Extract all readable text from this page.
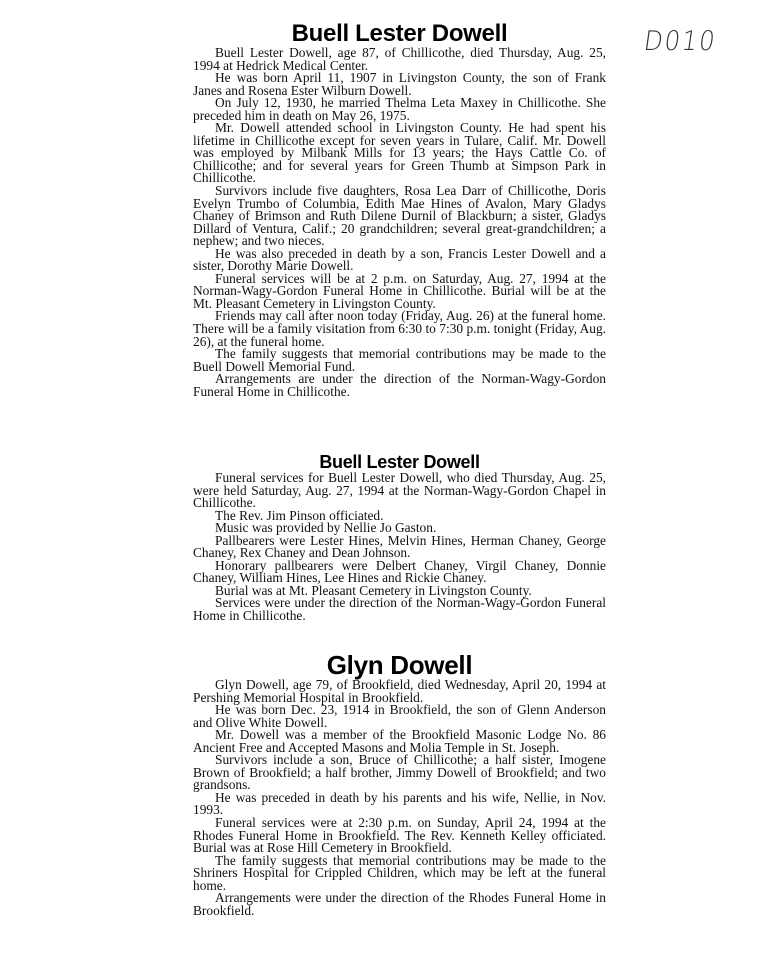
D010
Buell Lester Dowell

Buell Lester Dowell, age 87, of Chillicothe, died Thursday, Aug. 25, 1994 at Hedrick Medical Center.

He was born April 11, 1907 in Livingston County, the son of Frank Janes and Rosena Ester Wilburn Dowell.

On July 12, 1930, he married Thelma Leta Maxey in Chillicothe. She preceded him in death on May 26, 1975.

Mr. Dowell attended school in Livingston County. He had spent his lifetime in Chillicothe except for seven years in Tulare, Calif. Mr. Dowell was employed by Milbank Mills for 13 years; the Hays Cattle Co. of Chillicothe; and for several years for Green Thumb at Simpson Park in Chillicothe.

Survivors include five daughters, Rosa Lea Darr of Chillicothe, Doris Evelyn Trumbo of Columbia, Edith Mae Hines of Avalon, Mary Gladys Chaney of Brimson and Ruth Dilene Durnil of Blackburn; a sister, Gladys Dillard of Ventura, Calif.; 20 grandchildren; several great-grandchildren; a nephew; and two nieces.

He was also preceded in death by a son, Francis Lester Dowell and a sister, Dorothy Marie Dowell.

Funeral services will be at 2 p.m. on Saturday, Aug. 27, 1994 at the Norman-Wagy-Gordon Funeral Home in Chillicothe. Burial will be at the Mt. Pleasant Cemetery in Livingston County.

Friends may call after noon today (Friday, Aug. 26) at the funeral home. There will be a family visitation from 6:30 to 7:30 p.m. tonight (Friday, Aug. 26), at the funeral home.

The family suggests that memorial contributions may be made to the Buell Dowell Memorial Fund.

Arrangements are under the direction of the Norman-Wagy-Gordon Funeral Home in Chillicothe.

Buell Lester Dowell

Funeral services for Buell Lester Dowell, who died Thursday, Aug. 25, were held Saturday, Aug. 27, 1994 at the Norman-Wagy-Gordon Chapel in Chillicothe.

The Rev. Jim Pinson officiated.

Music was provided by Nellie Jo Gaston.

Pallbearers were Lester Hines, Melvin Hines, Herman Chaney, George Chaney, Rex Chaney and Dean Johnson.

Honorary pallbearers were Delbert Chaney, Virgil Chaney, Donnie Chaney, William Hines, Lee Hines and Rickie Chaney.

Burial was at Mt. Pleasant Cemetery in Livingston County.

Services were under the direction of the Norman-Wagy-Gordon Funeral Home in Chillicothe.

Glyn Dowell

Glyn Dowell, age 79, of Brookfield, died Wednesday, April 20, 1994 at Pershing Memorial Hospital in Brookfield.

He was born Dec. 23, 1914 in Brookfield, the son of Glenn Anderson and Olive White Dowell.

Mr. Dowell was a member of the Brookfield Masonic Lodge No. 86 Ancient Free and Accepted Masons and Molia Temple in St. Joseph.

Survivors include a son, Bruce of Chillicothe; a half sister, Imogene Brown of Brookfield; a half brother, Jimmy Dowell of Brookfield; and two grandsons.

He was preceded in death by his parents and his wife, Nellie, in Nov. 1993.

Funeral services were at 2:30 p.m. on Sunday, April 24, 1994 at the Rhodes Funeral Home in Brookfield. The Rev. Kenneth Kelley officiated. Burial was at Rose Hill Cemetery in Brookfield.

The family suggests that memorial contributions may be made to the Shriners Hospital for Crippled Children, which may be left at the funeral home.

Arrangements were under the direction of the Rhodes Funeral Home in Brookfield.
